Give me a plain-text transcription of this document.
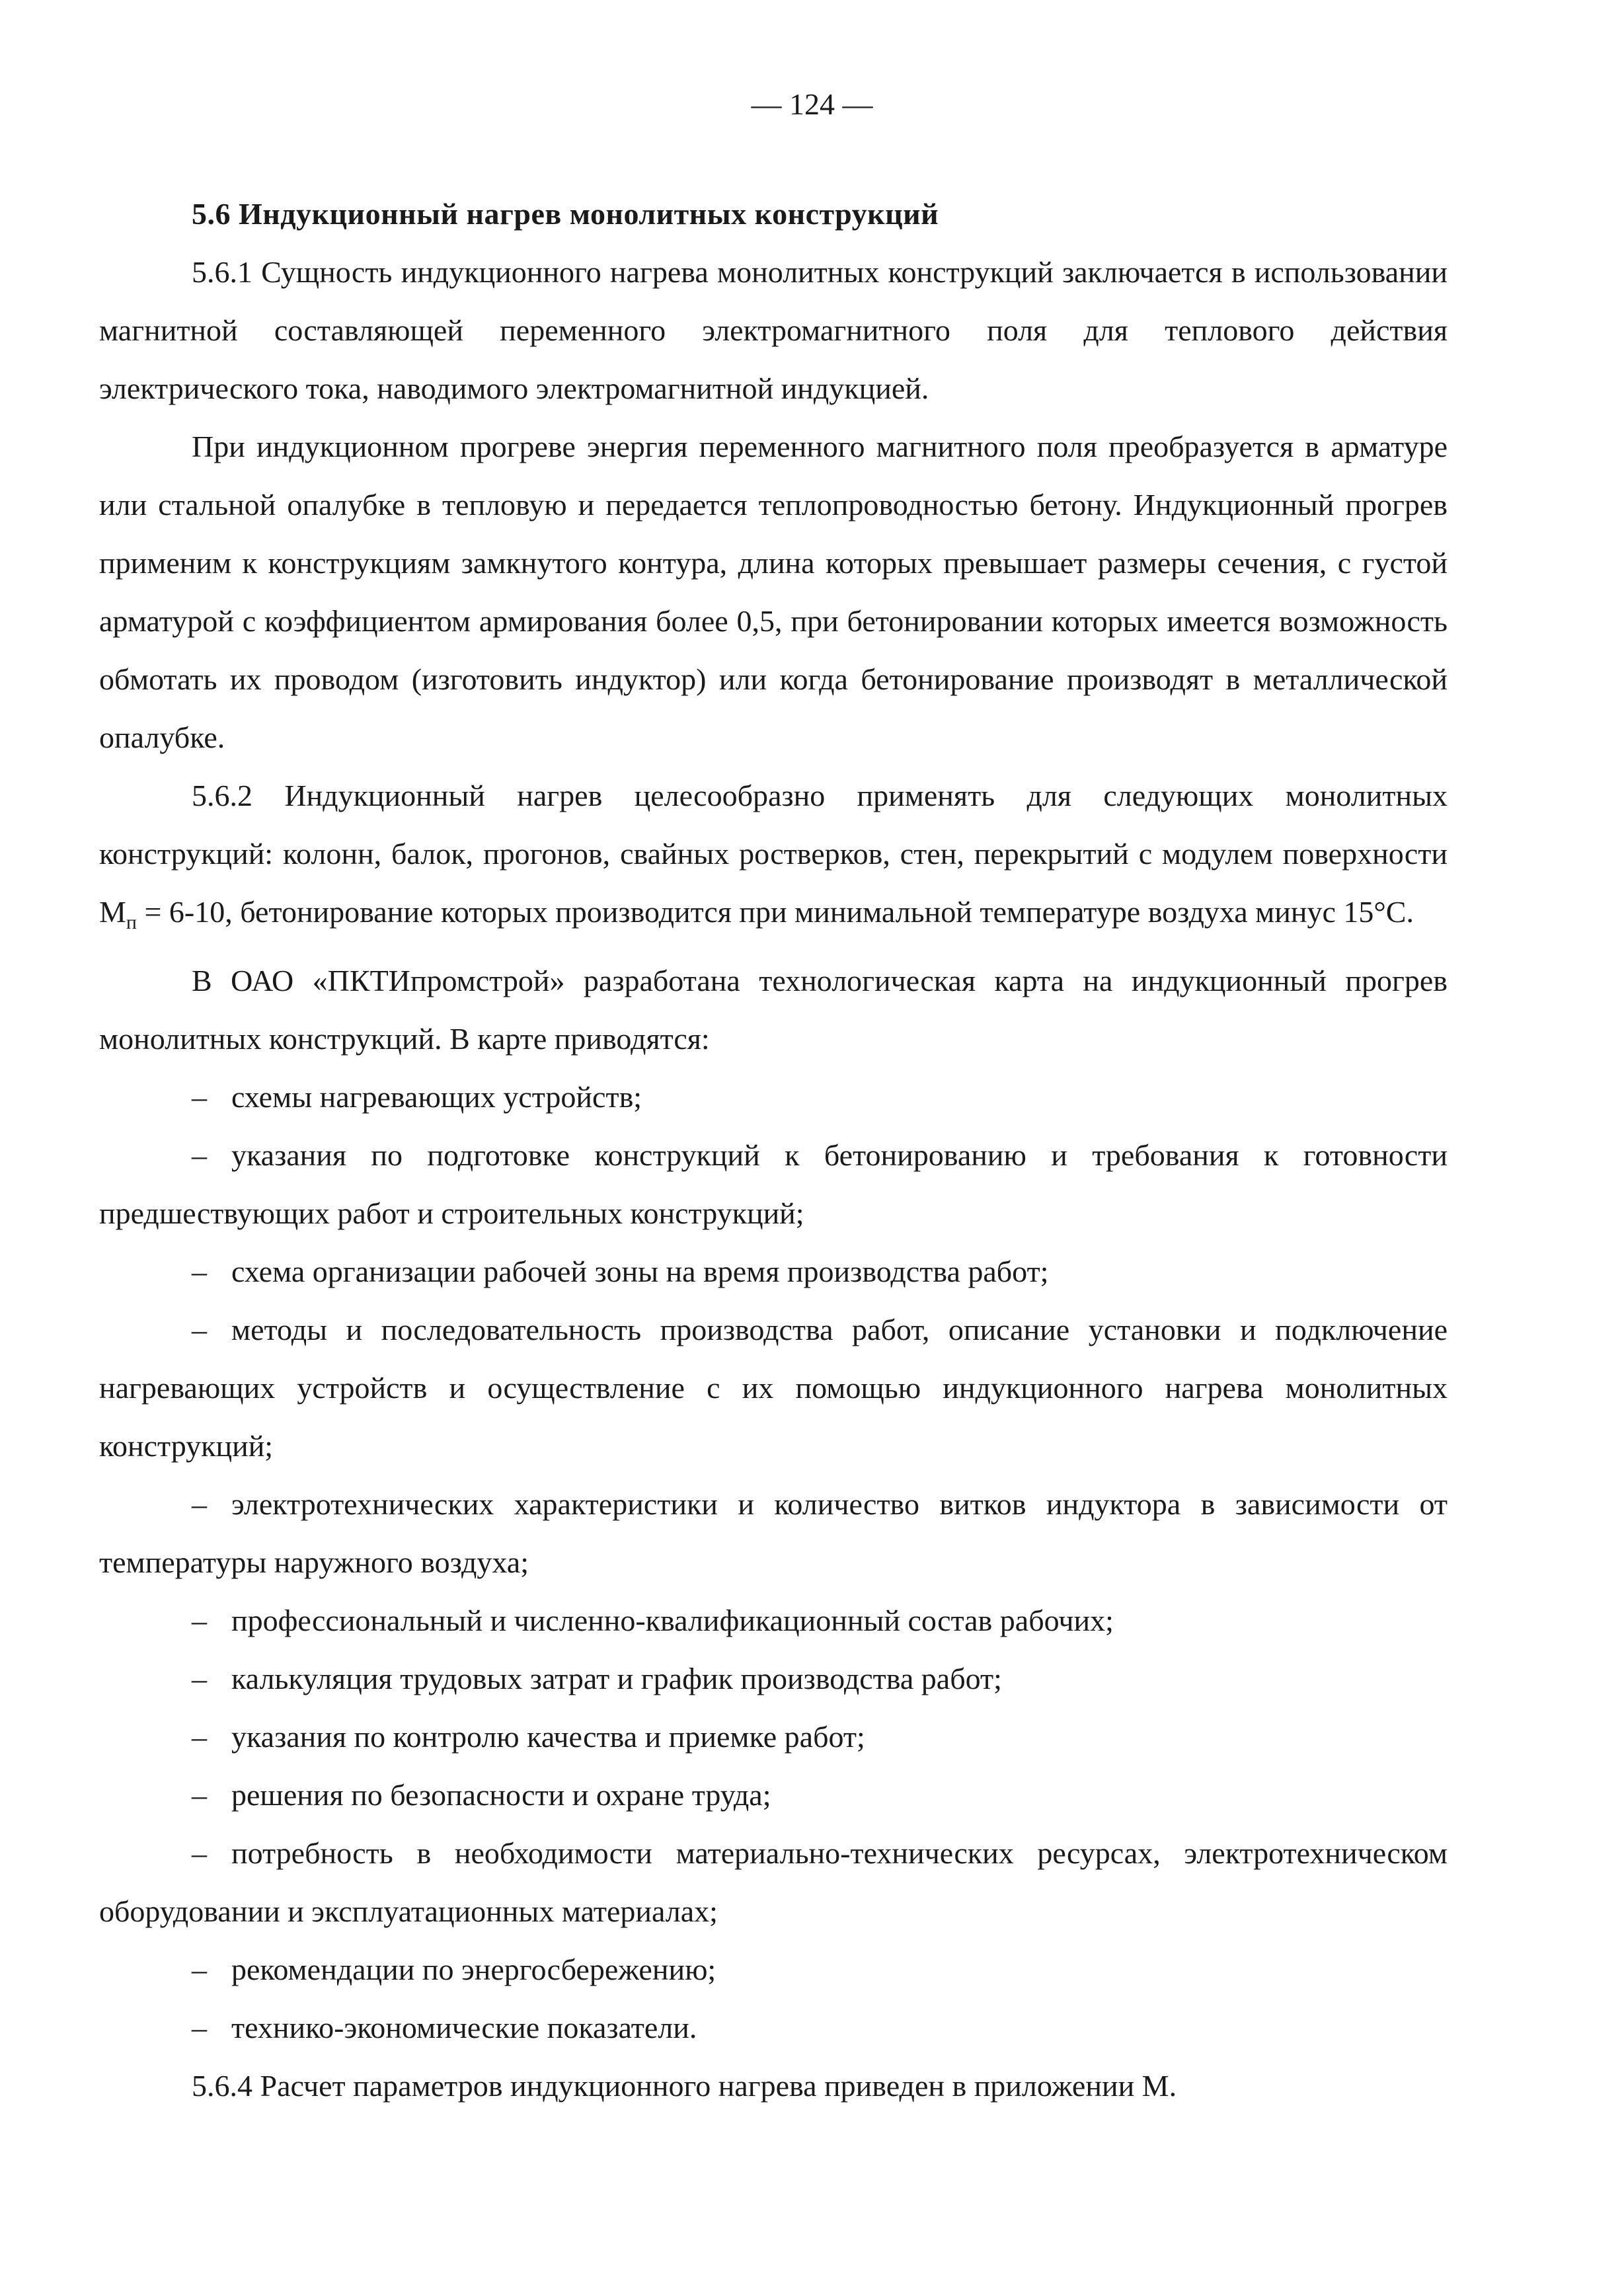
— 124 —

5.6 Индукционный нагрев монолитных конструкций

5.6.1 Сущность индукционного нагрева монолитных конструкций заключается в использовании магнитной составляющей переменного электромагнитного поля для теплового действия электрического тока, наводимого электромагнитной индукцией.

При индукционном прогреве энергия переменного магнитного поля преобразуется в арматуре или стальной опалубке в тепловую и передается теплопроводностью бетону. Индукционный прогрев применим к конструкциям замкнутого контура, длина которых превышает размеры сечения, с густой арматурой с коэффициентом армирования более 0,5, при бетонировании которых имеется возможность обмотать их проводом (изготовить индуктор) или когда бетонирование производят в металлической опалубке.

5.6.2 Индукционный нагрев целесообразно применять для следующих монолитных конструкций: колонн, балок, прогонов, свайных ростверков, стен, перекрытий с модулем поверхности $М_п = 6-10$, бетонирование которых производится при минимальной температуре воздуха минус 15°С.

В ОАО «ПКТИпромстрой» разработана технологическая карта на индукционный прогрев монолитных конструкций. В карте приводятся:

– схемы нагревающих устройств;

– указания по подготовке конструкций к бетонированию и требования к готовности предшествующих работ и строительных конструкций;

– схема организации рабочей зоны на время производства работ;

– методы и последовательность производства работ, описание установки и подключение нагревающих устройств и осуществление с их помощью индукционного нагрева монолитных конструкций;

– электротехнических характеристики и количество витков индуктора в зависимости от температуры наружного воздуха;

– профессиональный и численно-квалификационный состав рабочих;

– калькуляция трудовых затрат и график производства работ;

– указания по контролю качества и приемке работ;

– решения по безопасности и охране труда;

– потребность в необходимости материально-технических ресурсах, электротехническом оборудовании и эксплуатационных материалах;

– рекомендации по энергосбережению;

– технико-экономические показатели.

5.6.4 Расчет параметров индукционного нагрева приведен в приложении М.
